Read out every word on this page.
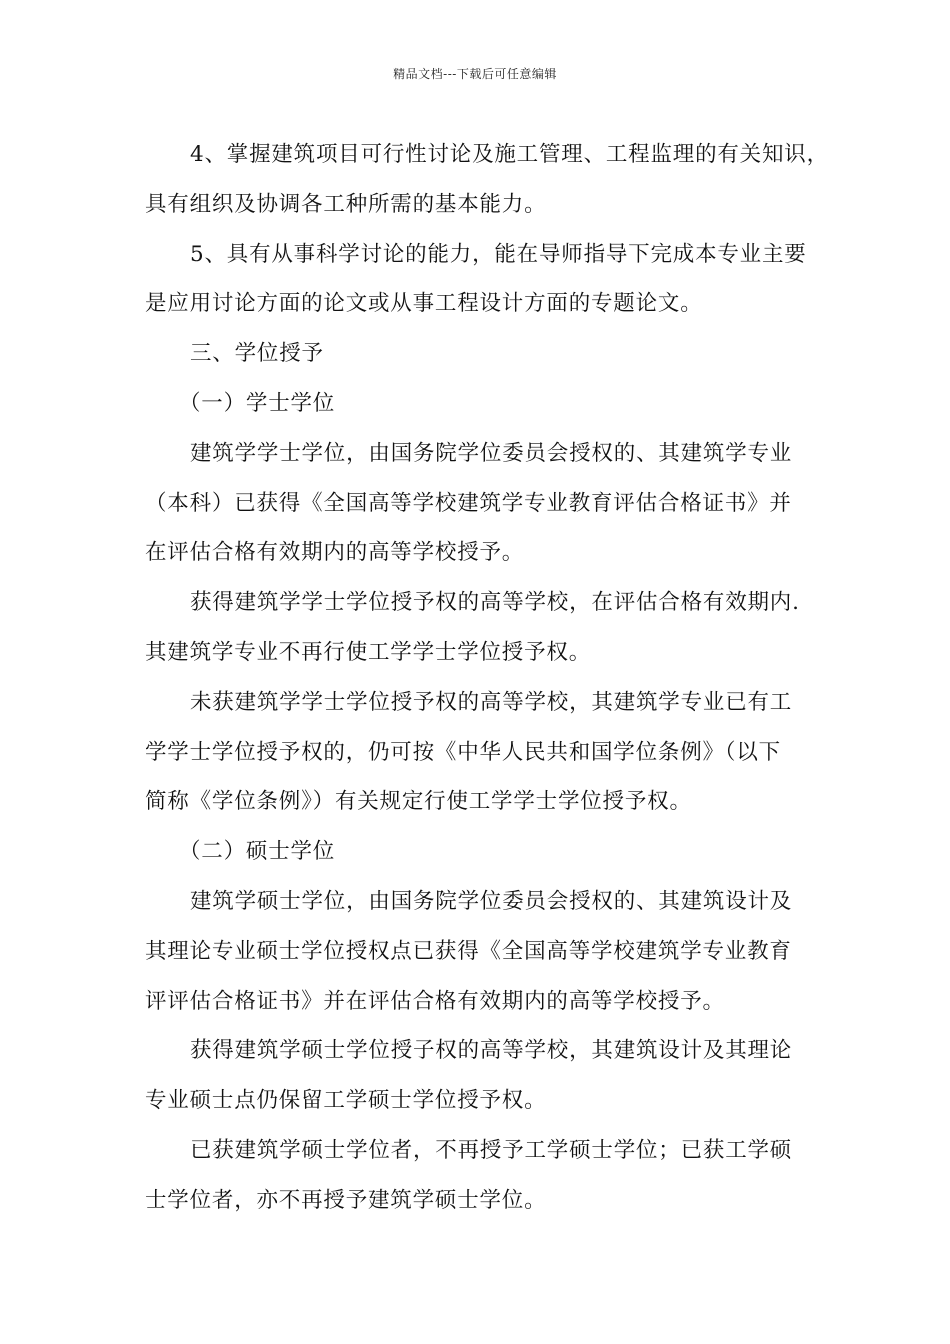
精品文档---下载后可任意编辑
4、掌握建筑项目可行性讨论及施工管理、工程监理的有关知识，
具有组织及协调各工种所需的基本能力。
5、具有从事科学讨论的能力，能在导师指导下完成本专业主要
是应用讨论方面的论文或从事工程设计方面的专题论文。
三、学位授予
（一）学士学位
建筑学学士学位，由国务院学位委员会授权的、其建筑学专业
（本科）已获得《全国高等学校建筑学专业教育评估合格证书》并
在评估合格有效期内的高等学校授予。
获得建筑学学士学位授予权的高等学校，在评估合格有效期内.
其建筑学专业不再行使工学学士学位授予权。
未获建筑学学士学位授予权的高等学校，其建筑学专业已有工
学学士学位授予权的，仍可按《中华人民共和国学位条例》（以下
简称《学位条例》）有关规定行使工学学士学位授予权。
（二）硕士学位
建筑学硕士学位，由国务院学位委员会授权的、其建筑设计及
其理论专业硕士学位授权点已获得《全国高等学校建筑学专业教育
评评估合格证书》并在评估合格有效期内的高等学校授予。
获得建筑学硕士学位授子权的高等学校，其建筑设计及其理论
专业硕士点仍保留工学硕士学位授予权。
已获建筑学硕士学位者，不再授予工学硕士学位；已获工学硕
士学位者，亦不再授予建筑学硕士学位。
